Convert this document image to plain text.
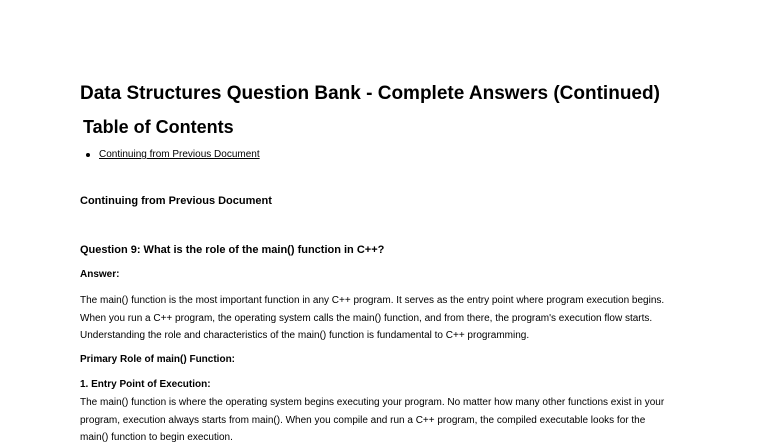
Data Structures Question Bank - Complete Answers (Continued)
Table of Contents
Continuing from Previous Document
Continuing from Previous Document
Question 9: What is the role of the main() function in C++?

Answer:

The main() function is the most important function in any C++ program. It serves as the entry point where program execution begins.
When you run a C++ program, the operating system calls the main() function, and from there, the program's execution flow starts.
Understanding the role and characteristics of the main() function is fundamental to C++ programming.

Primary Role of main() Function:

1. Entry Point of Execution:

The main() function is where the operating system begins executing your program. No matter how many other functions exist in your
program, execution always starts from main(). When you compile and run a C++ program, the compiled executable looks for the
main() function to begin execution.
